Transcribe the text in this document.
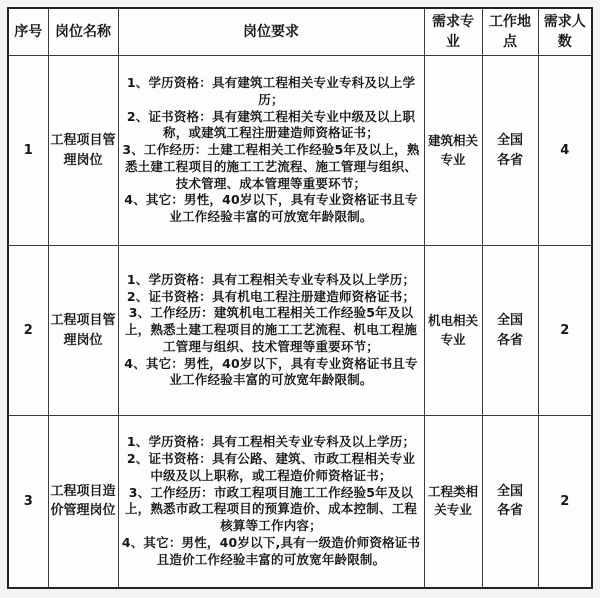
序号	岗位名称	岗位要求	需求专业	工作地点	需求人数
1	工程项目管理岗位	1、学历资格：具有建筑工程相关专业专科及以上学历；
2、证书资格：具有建筑工程相关专业中级及以上职称，或建筑工程注册建造师资格证书；
3、工作经历：土建工程相关工作经验5年及以上，熟悉土建工程项目的施工工艺流程、施工管理与组织、技术管理、成本管理等重要环节；
4、其它：男性，40岁以下，具有专业资格证书且专业工作经验丰富的可放宽年龄限制。	建筑相关专业	全国各省	4
2	工程项目管理岗位	1、学历资格：具有工程相关专业专科及以上学历；
2、证书资格：具有机电工程注册建造师资格证书；
3、工作经历：建筑机电工程相关工作经验5年及以上，熟悉土建工程项目的施工工艺流程、机电工程施工管理与组织、技术管理等重要环节；
4、其它：男性，40岁以下，具有专业资格证书且专业工作经验丰富的可放宽年龄限制。	机电相关专业	全国各省	2
3	工程项目造价管理岗位	1、学历资格：具有工程相关专业专科及以上学历；
2、证书资格：具有公路、建筑、市政工程相关专业中级及以上职称，或工程造价师资格证书；
3、工作经历：市政工程项目施工工作经验5年及以上，熟悉市政工程项目的预算造价、成本控制、工程核算等工作内容；
4、其它：男性，40岁以下,具有一级造价师资格证书且造价工作经验丰富的可放宽年龄限制。	工程类相关专业	全国各省	2
